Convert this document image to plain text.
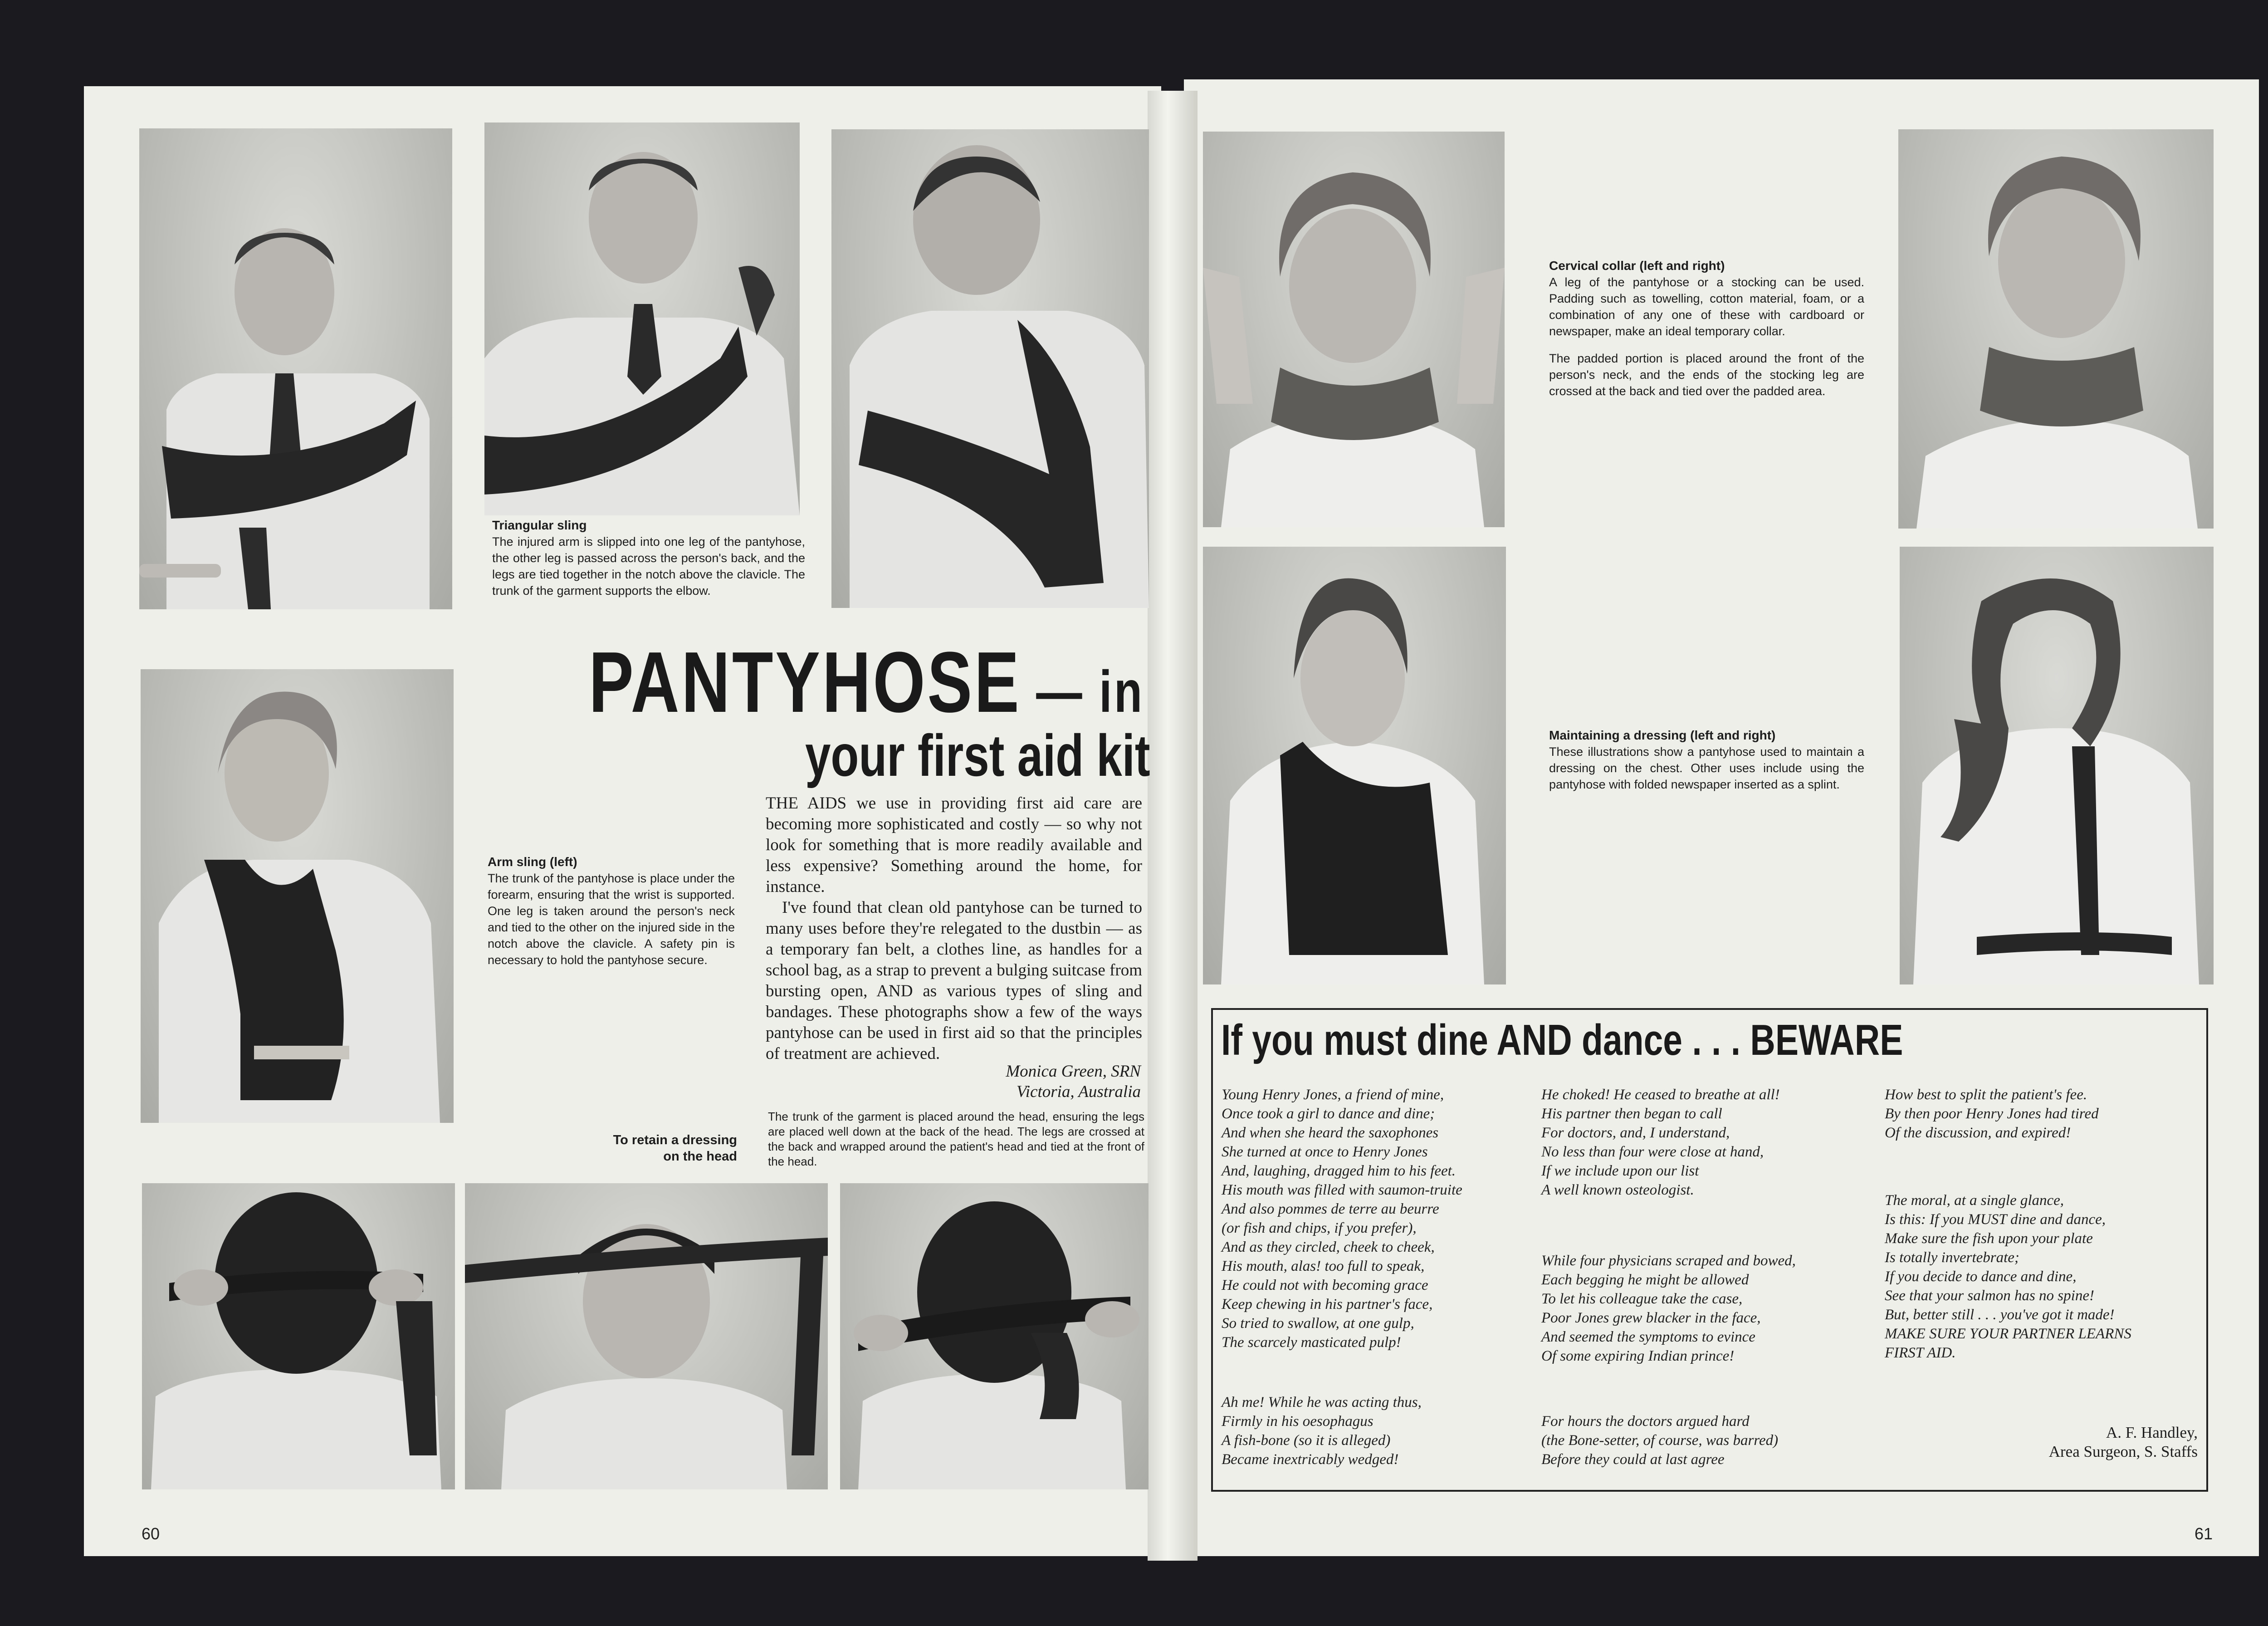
Triangular sling
The injured arm is slipped into one leg of the pantyhose, the other leg is passed across the person's back, and the legs are tied together in the notch above the clavicle. The trunk of the garment supports the elbow.
Arm sling (left)
The trunk of the pantyhose is place under the forearm, ensuring that the wrist is supported. One leg is taken around the person's neck and tied to the other on the injured side in the notch above the clavicle. A safety pin is necessary to hold the pantyhose secure.
PANTYHOSE — in
your first aid kit

THE AIDS we use in providing first aid care are becoming more sophisticated and costly — so why not look for something that is more readily available and less expensive? Something around the home, for instance.

I've found that clean old pantyhose can be turned to many uses before they're relegated to the dustbin — as a temporary fan belt, a clothes line, as handles for a school bag, as a strap to prevent a bulging suitcase from bursting open, AND as various types of sling and bandages. These photographs show a few of the ways pantyhose can be used in first aid so that the principles of treatment are achieved.

Monica Green, SRN
Victoria, Australia
To retain a dressing
on the head
The trunk of the garment is placed around the head, ensuring the legs are placed well down at the back of the head. The legs are crossed at the back and wrapped around the patient's head and tied at the front of the head.
60
Cervical collar (left and right)
A leg of the pantyhose or a stocking can be used. Padding such as towelling, cotton material, foam, or a combination of any one of these with cardboard or newspaper, make an ideal temporary collar.
The padded portion is placed around the front of the person's neck, and the ends of the stocking leg are crossed at the back and tied over the padded area.
Maintaining a dressing (left and right)
These illustrations show a pantyhose used to maintain a dressing on the chest. Other uses include using the pantyhose with folded newspaper inserted as a splint.
If you must dine AND dance . . . BEWARE
Young Henry Jones, a friend of mine,
Once took a girl to dance and dine;
And when she heard the saxophones
She turned at once to Henry Jones
And, laughing, dragged him to his feet.
His mouth was filled with saumon-truite
And also pommes de terre au beurre
(or fish and chips, if you prefer),
And as they circled, cheek to cheek,
His mouth, alas! too full to speak,
He could not with becoming grace
Keep chewing in his partner's face,
So tried to swallow, at one gulp,
The scarcely masticated pulp!
Ah me! While he was acting thus,
Firmly in his oesophagus
A fish-bone (so it is alleged)
Became inextricably wedged!
He choked! He ceased to breathe at all!
His partner then began to call
For doctors, and, I understand,
No less than four were close at hand,
If we include upon our list
A well known osteologist.
While four physicians scraped and bowed,
Each begging he might be allowed
To let his colleague take the case,
Poor Jones grew blacker in the face,
And seemed the symptoms to evince
Of some expiring Indian prince!
For hours the doctors argued hard
(the Bone-setter, of course, was barred)
Before they could at last agree
How best to split the patient's fee.
By then poor Henry Jones had tired
Of the discussion, and expired!
The moral, at a single glance,
Is this: If you MUST dine and dance,
Make sure the fish upon your plate
Is totally invertebrate;
If you decide to dance and dine,
See that your salmon has no spine!
But, better still . . . you've got it made!
MAKE SURE YOUR PARTNER LEARNS
FIRST AID.
A. F. Handley,
Area Surgeon, S. Staffs
61
